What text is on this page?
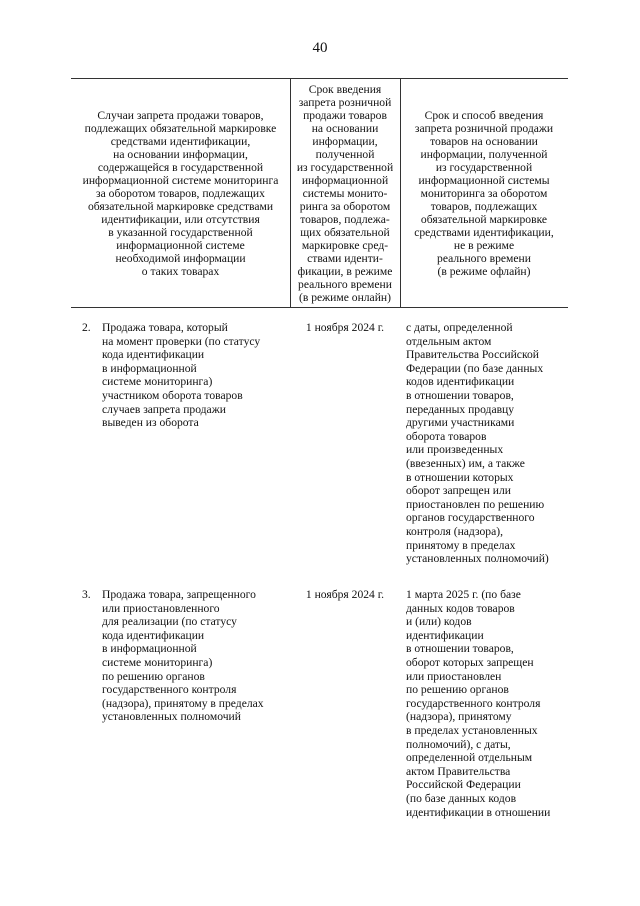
40
Случаи запрета продажи товаров,
подлежащих обязательной маркировке
средствами идентификации,
на основании информации,
содержащейся в государственной
информационной системе мониторинга
за оборотом товаров, подлежащих
обязательной маркировке средствами
идентификации, или отсутствия
в указанной государственной
информационной системе
необходимой информации
о таких товарах
Срок введения
запрета розничной
продажи товаров
на основании
информации,
полученной
из государственной
информационной
системы монито-
ринга за оборотом
товаров, подлежа-
щих обязательной
маркировке сред-
ствами иденти-
фикации, в режиме
реального времени
(в режиме онлайн)
Срок и способ введения
запрета розничной продажи
товаров на основании
информации, полученной
из государственной
информационной системы
мониторинга за оборотом
товаров, подлежащих
обязательной маркировке
средствами идентификации,
не в режиме
реального времени
(в режиме офлайн)
2. Продажа товара, который
на момент проверки (по статусу
кода идентификации
в информационной
системе мониторинга)
участником оборота товаров
случаев запрета продажи
выведен из оборота
1 ноября 2024 г.	с даты, определенной
отдельным актом
Правительства Российской
Федерации (по базе данных
кодов идентификации
в отношении товаров,
переданных продавцу
другими участниками
оборота товаров
или произведенных
(ввезенных) им, а также
в отношении которых
оборот запрещен или
приостановлен по решению
органов государственного
контроля (надзора),
принятому в пределах
установленных полномочий)
3. Продажа товара, запрещенного
или приостановленного
для реализации (по статусу
кода идентификации
в информационной
системе мониторинга)
по решению органов
государственного контроля
(надзора), принятому в пределах
установленных полномочий
1 ноября 2024 г.	1 марта 2025 г. (по базе
данных кодов товаров
и (или) кодов
идентификации
в отношении товаров,
оборот которых запрещен
или приостановлен
по решению органов
государственного контроля
(надзора), принятому
в пределах установленных
полномочий), с даты,
определенной отдельным
актом Правительства
Российской Федерации
(по базе данных кодов
идентификации в отношении
